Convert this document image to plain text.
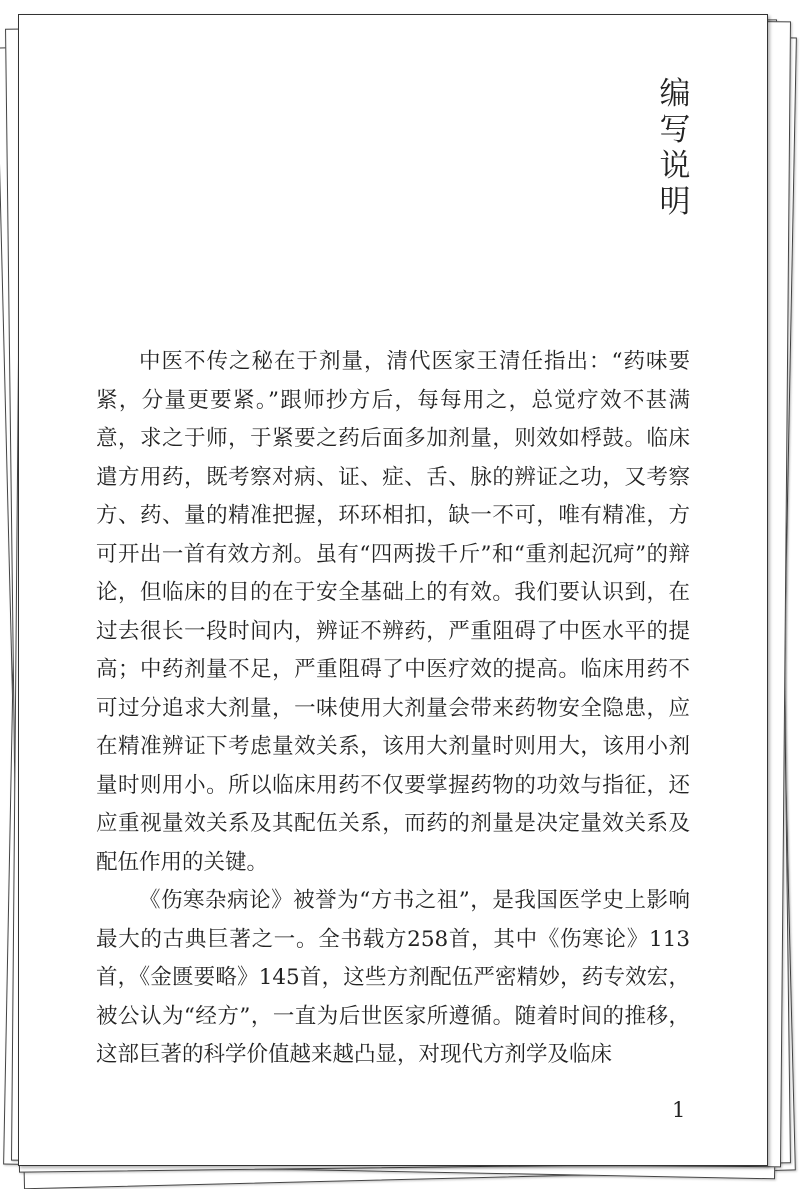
编
写
说
明

中医不传之秘在于剂量，清代医家王清任指出：“药味要紧，分量更要紧。”跟师抄方后，每每用之，总觉疗效不甚满意，求之于师，于紧要之药后面多加剂量，则效如桴鼓。临床遣方用药，既考察对病、证、症、舌、脉的辨证之功，又考察方、药、量的精准把握，环环相扣，缺一不可，唯有精准，方可开出一首有效方剂。虽有“四两拨千斤”和“重剂起沉疴”的辩论，但临床的目的在于安全基础上的有效。我们要认识到，在过去很长一段时间内，辨证不辨药，严重阻碍了中医水平的提高；中药剂量不足，严重阻碍了中医疗效的提高。临床用药不可过分追求大剂量，一味使用大剂量会带来药物安全隐患，应在精准辨证下考虑量效关系，该用大剂量时则用大，该用小剂量时则用小。所以临床用药不仅要掌握药物的功效与指征，还应重视量效关系及其配伍关系，而药的剂量是决定量效关系及配伍作用的关键。

《伤寒杂病论》被誉为“方书之祖”，是我国医学史上影响最大的古典巨著之一。全书载方258首，其中《伤寒论》113首，《金匮要略》145首，这些方剂配伍严密精妙，药专效宏，被公认为“经方”，一直为后世医家所遵循。随着时间的推移，这部巨著的科学价值越来越凸显，对现代方剂学及临床

1
